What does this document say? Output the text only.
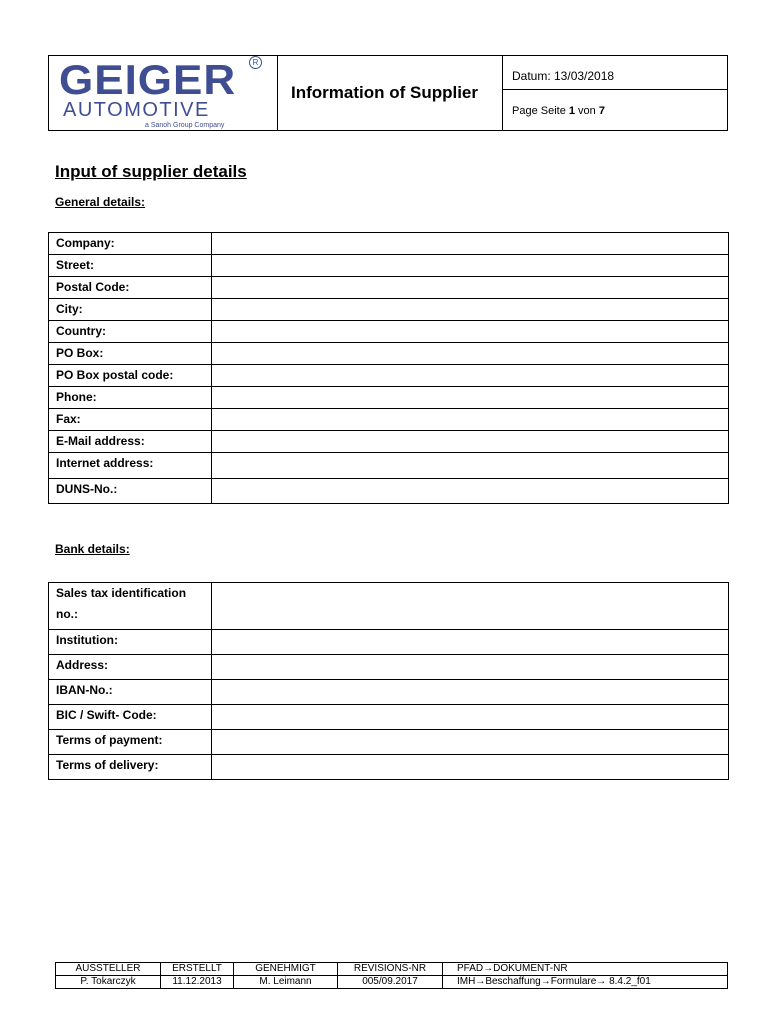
GEIGER	R
AUTOMOTIVE
a Sanoh Group Company
Information of Supplier
Datum: 13/03/2018
Page Seite 1 von 7
Input of supplier details
General details:
Company:	
Street:	
Postal Code:	
City:	
Country:	
PO Box:	
PO Box postal code:	
Phone:	
Fax:	
E-Mail address:	
Internet address:	
DUNS-No.:	
Bank details:
Sales tax identification no.:	
Institution:	
Address:	
IBAN-No.:	
BIC / Swift- Code:	
Terms of payment:	
Terms of delivery:	
AUSSTELLER	ERSTELLT	GENEHMIGT	REVISIONS-NR	PFAD→DOKUMENT-NR
P. Tokarczyk	11.12.2013	M. Leimann	005/09.2017	IMH→Beschaffung→Formulare→ 8.4.2_f01
